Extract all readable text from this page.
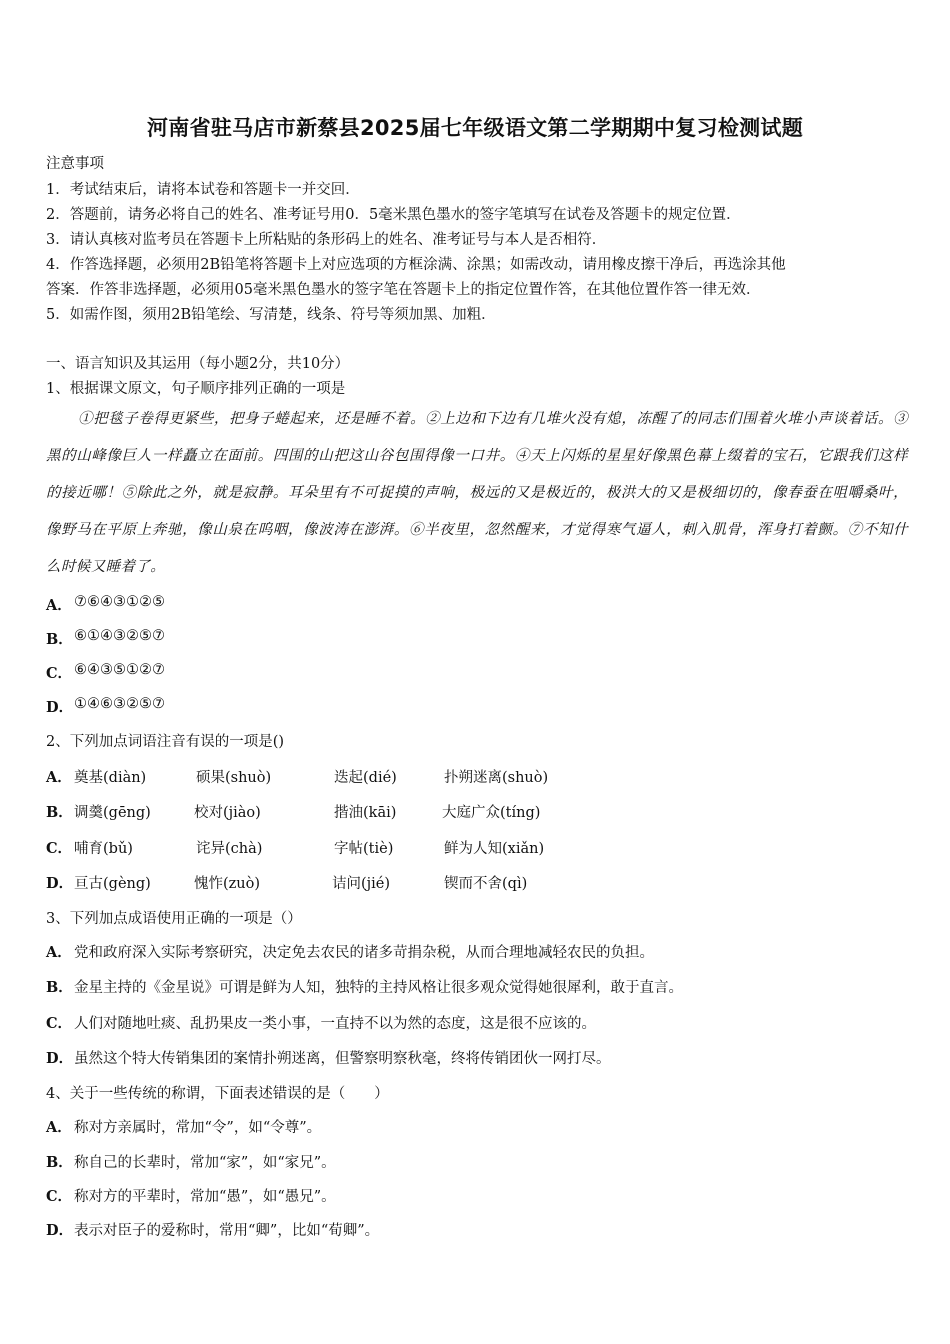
河南省驻马店市新蔡县2025届七年级语文第二学期期中复习检测试题
注意事项
1．考试结束后，请将本试卷和答题卡一并交回．
2．答题前，请务必将自己的姓名、准考证号用0．5毫米黑色墨水的签字笔填写在试卷及答题卡的规定位置．
3．请认真核对监考员在答题卡上所粘贴的条形码上的姓名、准考证号与本人是否相符．
4．作答选择题，必须用2B铅笔将答题卡上对应选项的方框涂满、涂黑；如需改动，请用橡皮擦干净后，再选涂其他
答案．作答非选择题，必须用05毫米黑色墨水的签字笔在答题卡上的指定位置作答，在其他位置作答一律无效．
5．如需作图，须用2B铅笔绘、写清楚，线条、符号等须加黑、加粗．
一、语言知识及其运用（每小题2分，共10分）
1、根据课文原文，句子顺序排列正确的一项是
①把毯子卷得更紧些，把身子蜷起来，还是睡不着。②上边和下边有几堆火没有熄，冻醒了的同志们围着火堆小声谈着话。③黑的山峰像巨人一样矗立在面前。四围的山把这山谷包围得像一口井。④天上闪烁的星星好像黑色幕上缀着的宝石，它跟我们这样的接近哪！⑤除此之外，就是寂静。耳朵里有不可捉摸的声响，极远的又是极近的，极洪大的又是极细切的，像春蚕在咀嚼桑叶，像野马在平原上奔驰，像山泉在呜咽，像波涛在澎湃。⑥半夜里，忽然醒来，才觉得寒气逼人，刺入肌骨，浑身打着颤。⑦不知什么时候又睡着了。
A． ⑦⑥④③①②⑤
B． ⑥①④③②⑤⑦
C． ⑥④③⑤①②⑦
D． ①④⑥③②⑤⑦
2、下列加点词语注音有误的一项是()
A． 奠基(diàn)	硕果(shuò)	迭起(dié)	扑朔迷离(shuò)
B． 调羹(gēng)	校对(jiào)	揩油(kāi)	大庭广众(tíng)
C． 哺育(bǔ)	诧异(chà)	字帖(tiè)	鲜为人知(xiǎn)
D． 亘古(gèng)	愧怍(zuò)	诘问(jié)	锲而不舍(qì)
3、下列加点成语使用正确的一项是（）
A． 党和政府深入实际考察研究，决定免去农民的诸多苛捐杂税，从而合理地减轻农民的负担。
B． 金星主持的《金星说》可谓是鲜为人知，独特的主持风格让很多观众觉得她很犀利，敢于直言。
C． 人们对随地吐痰、乱扔果皮一类小事，一直持不以为然的态度，这是很不应该的。
D． 虽然这个特大传销集团的案情扑朔迷离，但警察明察秋毫，终将传销团伙一网打尽。
4、关于一些传统的称谓，下面表述错误的是（　　）
A． 称对方亲属时，常加“令”，如“令尊”。
B． 称自己的长辈时，常加“家”，如“家兄”。
C． 称对方的平辈时，常加“愚”，如“愚兄”。
D． 表示对臣子的爱称时，常用“卿”，比如“荀卿”。
